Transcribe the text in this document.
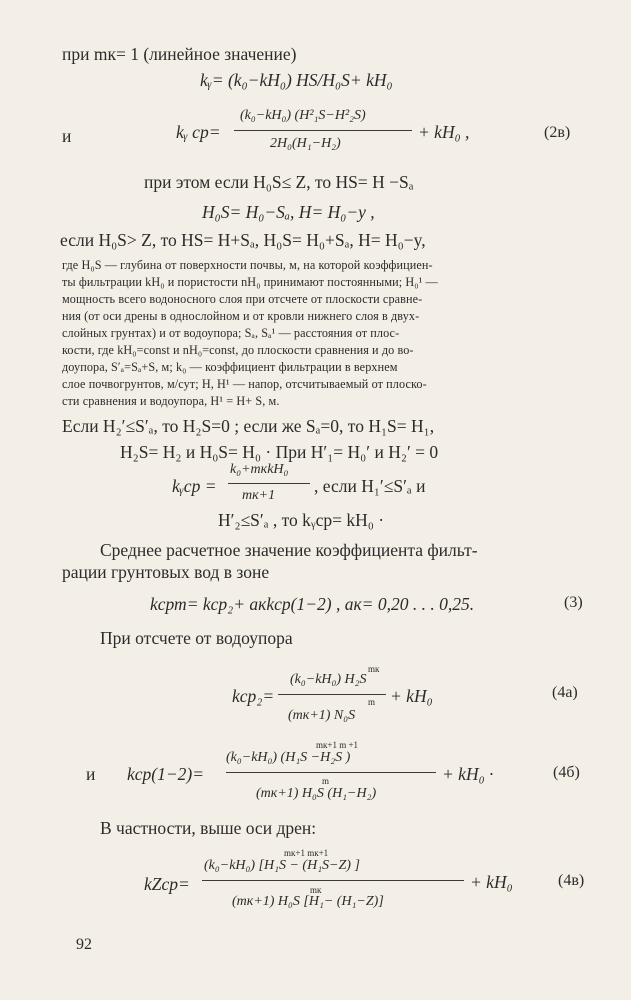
при mк= 1 (линейное значение)
kᵧ= (k₀−kH₀) HS/H₀S+ kH₀
и	kᵧ ср=
(k₀−kH₀) (H²₁S−H²₂S)
2H₀(H₁−H₂)
+ kH₀ ,	(2в)
при этом если H₀S≤ Z, то HS= H −Sₐ
H₀S= H₀−Sₐ, H= H₀−y ,
если H₀S> Z, то HS= H+Sₐ, H₀S= H₀+Sₐ, H= H₀−y,
где H₀S — глубина от поверхности почвы, м, на которой коэффициен-
ты фильтрации kH₀ и пористости nH₀ принимают постоянными; H₀¹ —
мощность всего водоносного слоя при отсчете от плоскости сравне-
ния (от оси дрены в однослойном и от кровли нижнего слоя в двух-
слойных грунтах) и от водоупора; Sₐ, Sₐ¹ — расстояния от плос-
кости, где kH₀=const и nH₀=const, до плоскости сравнения и до во-
доупора, S′ₐ=Sₐ+S, м; k₀ — коэффициент фильтрации в верхнем
слое почвогрунтов, м/сут; H, H¹ — напор, отсчитываемый от плоско-
сти сравнения и водоупора, H¹ = H+ S, м.
Если H₂′≤S′ₐ, то H₂S=0 ; если же Sₐ=0, то H₁S= H₁,
H₂S= H₂ и H₀S= H₀ · При H′₁= H₀′ и H₂′ = 0
kᵧср =
k₀+mкkH₀
mк+1 , если H₁′≤S′ₐ и
H′₂≤S′ₐ , то kᵧср= kH₀ ·
Среднее расчетное значение коэффициента фильт-
рации грунтовых вод в зоне
kсрт= kср₂+ aкkср(1−2) , aк= 0,20 . . . 0,25.	(3)
При отсчете от водоупора
mк
(k₀−kH₀) H₂S
kср₂=	m
(mк+1) N₀S
+ kH₀	(4а)
mк+1 m +1
(k₀−kH₀) (H₁S −H₂S )
и kср(1−2)=	m
(mк+1) H₀S (H₁−H₂)
+ kH₀ ·	(4б)
В частности, выше оси дрен:
mк+1 mк+1
(k₀−kH₀) [H₁S − (H₁S−Z) ]
kΖср=	mк
(mк+1) H₀S [H₁− (H₁−Z)]
+ kH₀	(4в)
92
